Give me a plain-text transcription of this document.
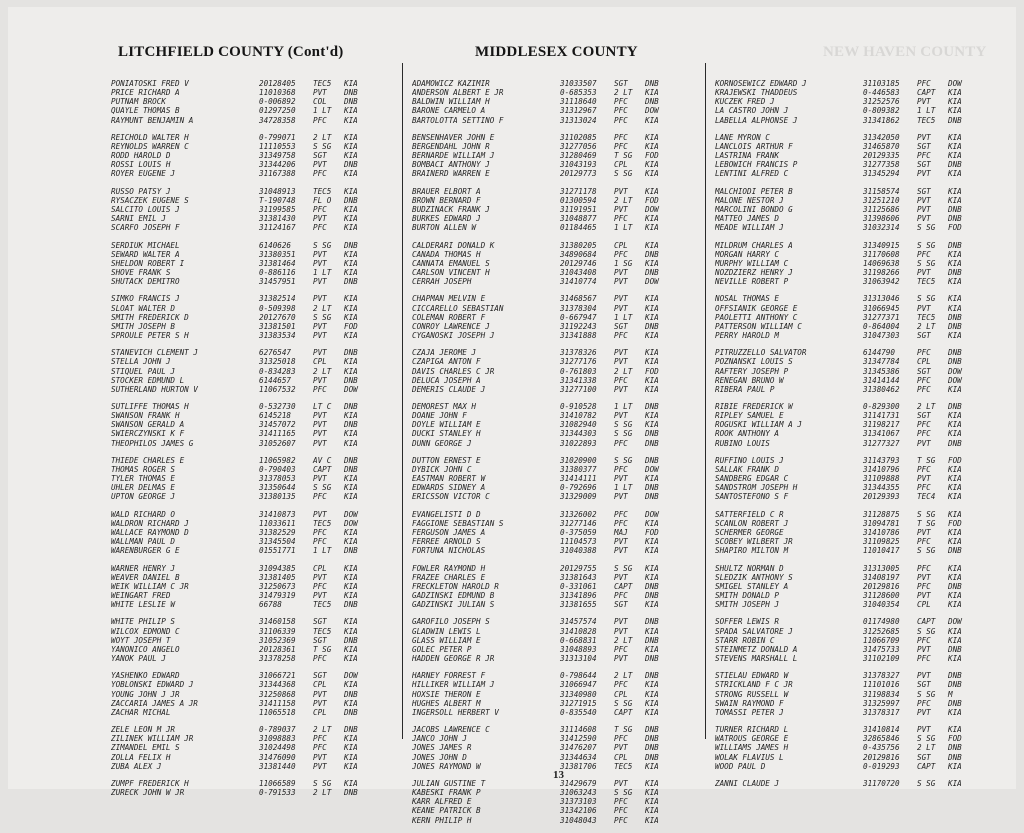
LITCHFIELD COUNTY (Cont'd)	MIDDLESEX COUNTY	NEW HAVEN COUNTY
PONIATOSKI FRED V	20128405	TEC5	KIA
PRICE RICHARD A	11010368	PVT	DNB
PUTNAM BROCK	0-006892	COL	DNB
QUAYLE THOMAS B	01297250	1 LT	KIA
RAYMUNT BENJAMIN A	34728358	PFC	KIA
REICHOLD WALTER H	0-799071	2 LT	KIA
REYNOLDS WARREN C	11110553	S SG	KIA
RODD HAROLD D	31349758	SGT	KIA
ROSSI LOUIS H	31344206	PVT	DNB
ROYER EUGENE J	31167388	PFC	KIA
RUSSO PATSY J	31048913	TEC5	KIA
RYSACZEK EUGENE S	T-190748	FL O	DNB
SALCITO LOUIS J	31199585	PFC	KIA
SARNI EMIL J	31381430	PVT	KIA
SCARFO JOSEPH F	31124167	PFC	KIA
SERDIUK MICHAEL	6140626	S SG	DNB
SEWARD WALTER A	31380351	PVT	KIA
SHELDON ROBERT I	31381464	PVT	KIA
SHOVE FRANK S	0-886116	1 LT	KIA
SHUTACK DEMITRO	31457951	PVT	DNB
SIMKO FRANCIS J	31382514	PVT	KIA
SLOAT WALTER D	0-509398	2 LT	KIA
SMITH FREDERICK D	20127670	S SG	KIA
SMITH JOSEPH B	31381501	PVT	FOD
SPROULE PETER S H	31383534	PVT	KIA
STANEVICH CLEMENT J	6276547	PVT	DNB
STELLA JOHN J	31325018	CPL	KIA
STIQUEL PAUL J	0-834283	2 LT	KIA
STOCKER EDMUND L	6144657	PVT	DNB
SUTHERLAND HURTON V	11067532	PFC	DOW
SUTLIFFE THOMAS H	0-532730	LT C	DNB
SWANSON FRANK H	6145218	PVT	KIA
SWANSON GERALD A	31457072	PVT	DNB
SWIERCZYNSKI K F	31411165	PVT	KIA
THEOPHILOS JAMES G	31052607	PVT	KIA
THIEDE CHARLES E	11065982	AV C	DNB
THOMAS ROGER S	0-790403	CAPT	DNB
TYLER THOMAS E	31378053	PVT	KIA
UHLER DELMAS E	31350644	S SG	KIA
UPTON GEORGE J	31380135	PFC	KIA
WALD RICHARD O	31410873	PVT	DOW
WALDRON RICHARD J	11033611	TEC5	DOW
WALLACE RAYMOND D	31382529	PFC	KIA
WALLMAN PAUL D	31345504	PFC	KIA
WARENBURGER G E	01551771	1 LT	DNB
WARNER HENRY J	31094385	CPL	KIA
WEAVER DANIEL B	31381405	PVT	KIA
WEIK WILLIAM C JR	31250673	PFC	KIA
WEINGART FRED	31479319	PVT	KIA
WHITE LESLIE W	66788	TEC5	DNB
WHITE PHILIP S	31460158	SGT	KIA
WILCOX EDMOND C	31106339	TEC5	KIA
WOYT JOSEPH T	31052369	SGT	DNB
YANONICO ANGELO	20128361	T SG	KIA
YANOK PAUL J	31378258	PFC	KIA
YASHENKO EDWARD	31066721	SGT	DOW
YOBLONSKI EDWARD J	31344368	CPL	KIA
YOUNG JOHN J JR	31250868	PVT	DNB
ZACCARIA JAMES A JR	31411158	PVT	KIA
ZACHAR MICHAL	11065518	CPL	DNB
ZELE LEON M JR	0-789037	2 LT	DNB
ZILINEK WILLIAM JR	31098883	PFC	KIA
ZIMANDEL EMIL S	31024498	PFC	KIA
ZOLLA FELIX H	31476090	PVT	KIA
ZUBA ALEX J	31381440	PVT	KIA
ZUMPF FREDERICK H	11066589	S SG	KIA
ZURECK JOHN W JR	0-791533	2 LT	DNB
ADAMOWICZ KAZIMIR	31033507	SGT	DNB
ANDERSON ALBERT E JR	0-685353	2 LT	KIA
BALDWIN WILLIAM H	31118640	PFC	DNB
BARONE CARMELO A	31312967	PFC	DOW
BARTOLOTTA SETTINO F	31313024	PFC	KIA
BENSENHAVER JOHN E	31102085	PFC	KIA
BERGENDAHL JOHN R	31277056	PFC	KIA
BERNARDE WILLIAM J	31280469	T SG	FOD
BOMBACI ANTHONY J	31043193	CPL	KIA
BRAINERD WARREN E	20129773	S SG	KIA
BRAUER ELBORT A	31271178	PVT	KIA
BROWN BERNARD F	01300594	2 LT	FOD
BUDZINACK FRANK J	31191951	PVT	DOW
BURKES EDWARD J	31048877	PFC	KIA
BURTON ALLEN W	01184465	1 LT	KIA
CALDERARI DONALD K	31380205	CPL	KIA
CANADA THOMAS H	34890684	PFC	DNB
CANNATA EMANUEL S	20129746	1 SG	KIA
CARLSON VINCENT H	31043408	PVT	DNB
CERRAH JOSEPH	31410774	PVT	DOW
CHAPMAN MELVIN E	31468567	PVT	KIA
CICCARELLO SEBASTIAN	31378304	PVT	KIA
COLEMAN ROBERT F	0-667947	1 LT	KIA
CONROY LAWRENCE J	31192243	SGT	DNB
CYGANOSKI JOSEPH J	31341888	PFC	KIA
CZAJA JEROME J	31378326	PVT	KIA
CZAPIGA ANTON F	31277176	PVT	KIA
DAVIS CHARLES C JR	0-761803	2 LT	FOD
DELUCA JOSEPH A	31341338	PFC	KIA
DEMERIS CLAUDE J	31277100	PVT	KIA
DEMOREST MAX H	0-910528	1 LT	DNB
DOANE JOHN F	31410782	PVT	KIA
DOYLE WILLIAM E	31082940	S SG	KIA
DUCKI STANLEY H	31344303	S SG	DNB
DUNN GEORGE J	31022893	PFC	DNB
DUTTON ERNEST E	31020900	S SG	DNB
DYBICK JOHN C	31380377	PFC	DOW
EASTMAN ROBERT W	31414111	PVT	KIA
EDWARDS SIDNEY A	0-792696	1 LT	DNB
ERICSSON VICTOR C	31329009	PVT	DNB
EVANGELISTI D D	31326002	PFC	DOW
FAGGIONE SEBASTIAN S	31277146	PFC	KIA
FERGUSON JAMES A	0-375059	MAJ	FOD
FERREE ARNOLD S	11104573	PVT	KIA
FORTUNA NICHOLAS	31040388	PVT	KIA
FOWLER RAYMOND H	20129755	S SG	KIA
FRAZEE CHARLES E	31381643	PVT	KIA
FRECKLETON HAROLD R	0-331061	CAPT	DNB
GADZINSKI EDMUND B	31341896	PFC	DNB
GADZINSKI JULIAN S	31381655	SGT	KIA
GAROFILO JOSEPH S	31457574	PVT	DNB
GLADWIN LEWIS L	31410828	PVT	KIA
GLASS WILLIAM E	0-668831	2 LT	DNB
GOLEC PETER P	31048893	PFC	KIA
HADDEN GEORGE R JR	31313104	PVT	DNB
HARNEY FORREST F	0-798644	2 LT	DNB
HILLIKER WILLIAM J	31066947	PFC	KIA
HOXSIE THERON E	31340980	CPL	KIA
HUGHES ALBERT M	31271915	S SG	KIA
INGERSOLL HERBERT V	0-835540	CAPT	KIA
JACOBS LAWRENCE C	31114608	T SG	DNB
JANCO JOHN J	31412590	PFC	DNB
JONES JAMES R	31476207	PVT	DNB
JONES JOHN D	31344634	CPL	DNB
JONES RAYMOND W	31381706	TEC5	KIA
JULIAN GUSTINE T	31429679	PVT	KIA
KABESKI FRANK P	31063243	S SG	KIA
KARR ALFRED E	31373103	PFC	KIA
KEANE PATRICK B	31342106	PFC	KIA
KERN PHILIP H	31048043	PFC	KIA
KORNOSEWICZ EDWARD J	31103185	PFC	DOW
KRAJEWSKI THADDEUS	0-446583	CAPT	KIA
KUCZEK FRED J	31252576	PVT	KIA
LA CASTRO JOHN J	0-809382	1 LT	KIA
LABELLA ALPHONSE J	31341862	TEC5	DNB
LANE MYRON C	31342050	PVT	KIA
LANCLOIS ARTHUR F	31465870	SGT	KIA
LASTRINA FRANK	20129335	PFC	KIA
LEBOWICH FRANCIS P	31277358	SGT	DNB
LENTINI ALFRED C	31345294	PVT	KIA
MALCHIODI PETER B	31158574	SGT	KIA
MALONE NESTOR J	31251210	PVT	KIA
MARCOLINI BONDO G	31125686	PVT	DNB
MATTEO JAMES D	31398606	PVT	DNB
MEADE WILLIAM J	31032314	S SG	FOD
MILDRUM CHARLES A	31340915	S SG	DNB
MORGAN HARRY C	31170608	PFC	KIA
MURPHY WILLIAM C	14069638	S SG	KIA
NOZDZIERZ HENRY J	31198266	PVT	DNB
NEVILLE ROBERT P	31063942	TEC5	KIA
NOSAL THOMAS E	31313046	S SG	KIA
OFFSIANIK GEORGE E	31066945	PVT	KIA
PAOLETTI ANTHONY C	31277371	TEC5	DNB
PATTERSON WILLIAM C	0-864004	2 LT	DNB
PERRY HAROLD M	31047303	SGT	KIA
PITRUZZELLO SALVATOR	6144790	PFC	DNB
POZNANSKI LOUIS S	31347784	CPL	DNB
RAFTERY JOSEPH P	31345386	SGT	DOW
RENEGAN BRUNO W	31414144	PFC	DOW
RIBERA PAUL P	31380462	PFC	KIA
RIBIE FREDERICK W	0-829300	2 LT	DNB
RIPLEY SAMUEL E	31141731	SGT	KIA
ROGUSKI WILLIAM A J	31198217	PFC	KIA
ROOK ANTHONY A	31341067	PFC	KIA
RUBINO LOUIS	31277327	PVT	DNB
RUFFINO LOUIS J	31143793	T SG	FOD
SALLAK FRANK D	31410796	PFC	KIA
SANDBERG EDGAR C	31109888	PVT	KIA
SANDSTROM JOSEPH H	31344355	PFC	KIA
SANTOSTEFONO S F	20129393	TEC4	KIA
SATTERFIELD C R	31128875	S SG	KIA
SCANLON ROBERT J	31094781	T SG	FOD
SCHERMER GEORGE	31410786	PVT	KIA
SCOBEY WILBERT JR	31109825	PFC	KIA
SHAPIRO MILTON M	11010417	S SG	DNB
SHULTZ NORMAN D	31313005	PFC	KIA
SLEDZIK ANTHONY S	31408197	PVT	KIA
SMIGEL STANLEY A	20129816	PFC	DNB
SMITH DONALD P	31128600	PVT	KIA
SMITH JOSEPH J	31040354	CPL	KIA
SOFFER LEWIS R	01174980	CAPT	DOW
SPADA SALVATORE J	31252685	S SG	KIA
STARR ROBIN C	11066709	PFC	KIA
STEINMETZ DONALD A	31475733	PVT	DNB
STEVENS MARSHALL L	31102109	PFC	KIA
STIELAU EDWARD W	31378327	PVT	DNB
STRICKLAND F C JR	11101016	SGT	DNB
STRONG RUSSELL W	31198834	S SG	M
SWAIN RAYMOND F	31325997	PFC	DNB
TOMASSI PETER J	31378317	PVT	KIA
TURNER RICHARD L	31410814	PVT	KIA
WATROUS GEORGE E	32865846	S SG	FOD
WILLIAMS JAMES H	0-435756	2 LT	DNB
WOLAK FLAVIUS L	20129816	SGT	DNB
WOOD PAUL D	0-019293	CAPT	KIA
ZANNI CLAUDE J	31170720	S SG	KIA
13
